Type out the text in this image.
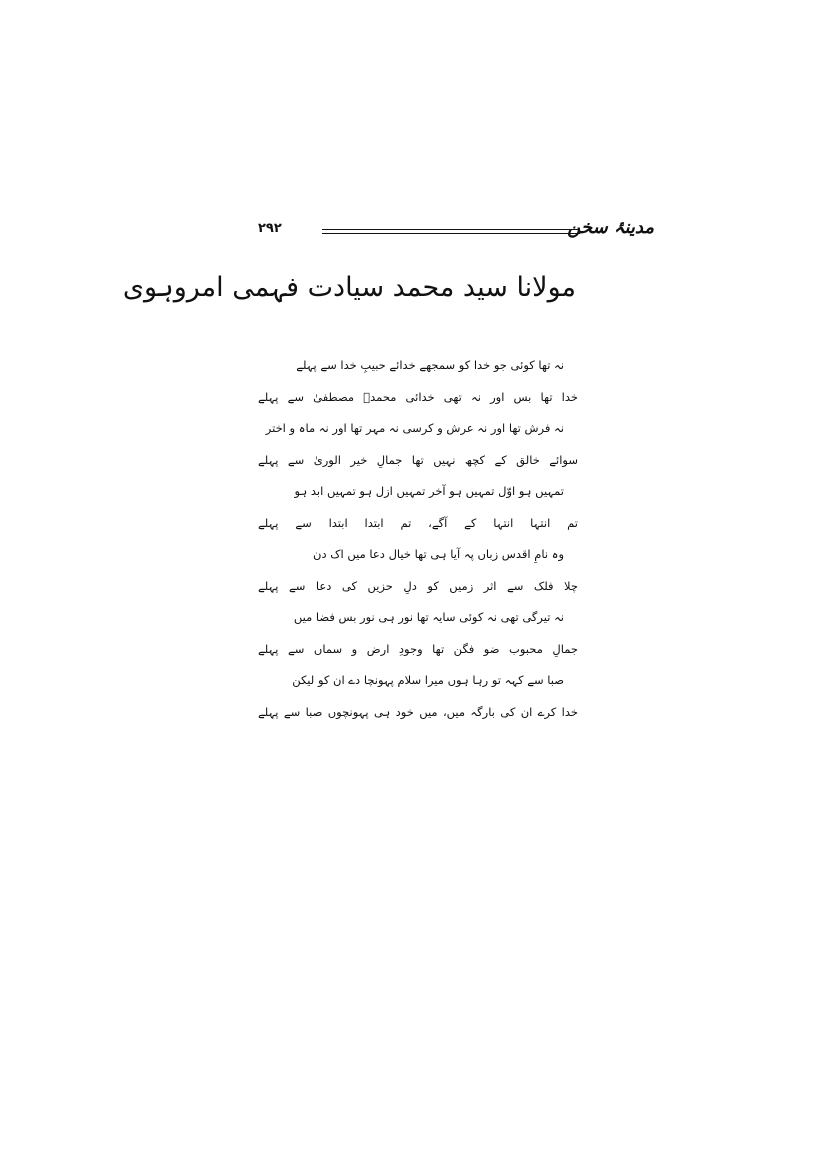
۲۹۲	مدینۂ سخن
مولانا سید محمد سیادت فہمی امروہوی
نہ تھا کوئی جو خدا کو سمجھے خدائے حبیبِ خدا سے پہلے
خدا تھا بس اور نہ تھی خدائی محمدؐ مصطفیٰ سے پہلے
نہ فرش تھا اور نہ عرش و کرسی نہ مہر تھا اور نہ ماہ و اختر
سوائے خالق کے کچھ نہیں تھا جمالِ خیر الوریٰ سے پہلے
تمہیں ہو اوّل تمہیں ہو آخر تمہیں ازل ہو تمہیں ابد ہو
تم انتہا انتہا کے آگے، تم ابتدا ابتدا سے پہلے
وہ نامِ اقدس زباں پہ آیا ہی تھا خیال دعا میں اک دن
چلا فلک سے اثر زمیں کو دلِ حزیں کی دعا سے پہلے
نہ تیرگی تھی نہ کوئی سایہ تھا نور ہی نور بس فضا میں
جمالِ محبوب ضو فگن تھا وجودِ ارض و سماں سے پہلے
صبا سے کہہ تو رہا ہوں میرا سلام پہونچا دے ان کو لیکن
خدا کرے ان کی بارگہ میں، میں خود ہی پہونچوں صبا سے پہلے
